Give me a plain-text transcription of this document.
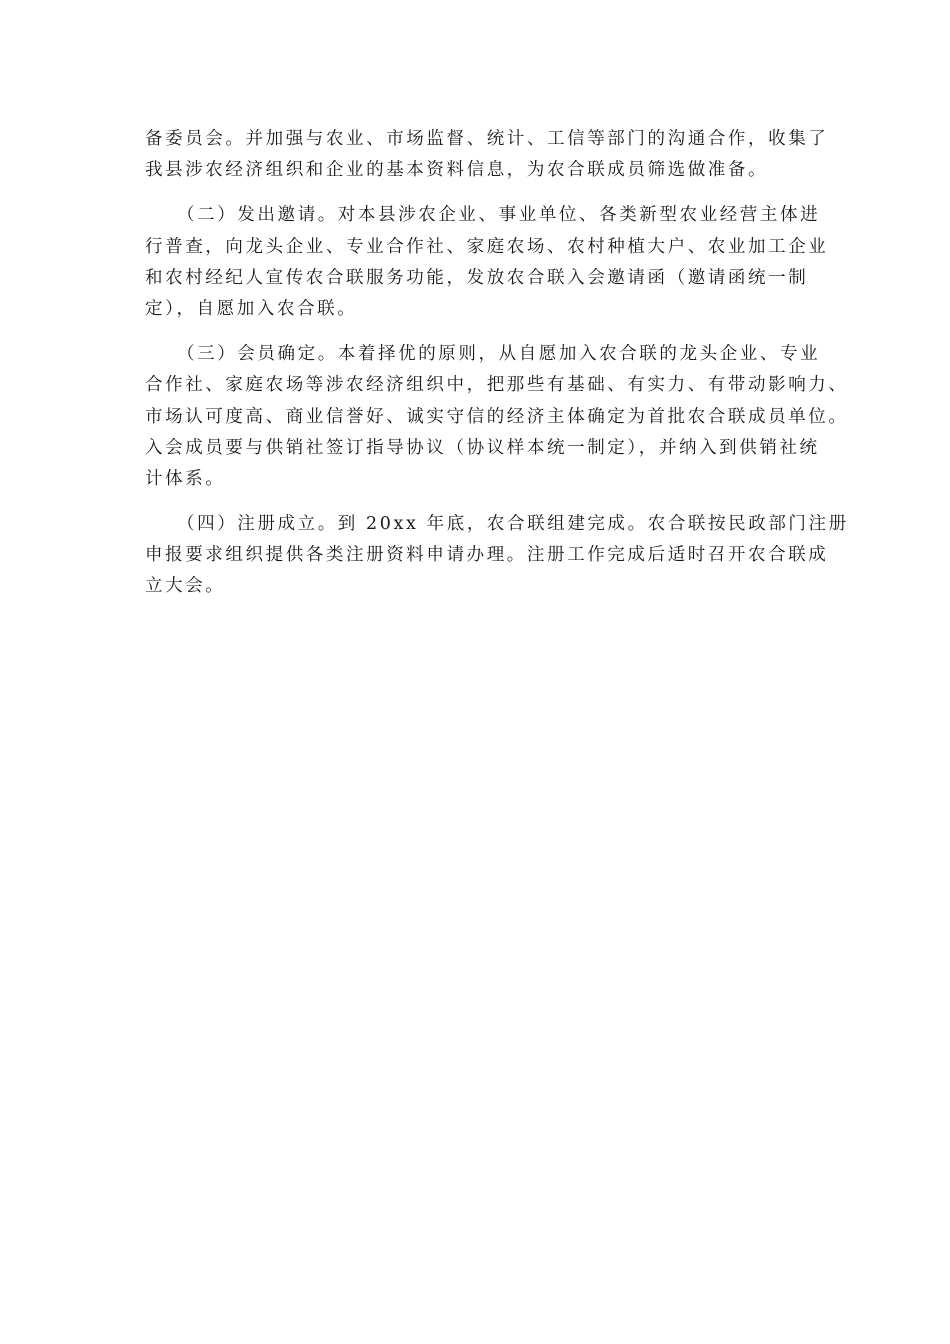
备委员会。并加强与农业、市场监督、统计、工信等部门的沟通合作，收集了
我县涉农经济组织和企业的基本资料信息，为农合联成员筛选做准备。
（二）发出邀请。对本县涉农企业、事业单位、各类新型农业经营主体进
行普查，向龙头企业、专业合作社、家庭农场、农村种植大户、农业加工企业
和农村经纪人宣传农合联服务功能，发放农合联入会邀请函（邀请函统一制
定），自愿加入农合联。
（三）会员确定。本着择优的原则，从自愿加入农合联的龙头企业、专业
合作社、家庭农场等涉农经济组织中，把那些有基础、有实力、有带动影响力、
市场认可度高、商业信誉好、诚实守信的经济主体确定为首批农合联成员单位。
入会成员要与供销社签订指导协议（协议样本统一制定），并纳入到供销社统
计体系。
（四）注册成立。到 20xx 年底，农合联组建完成。农合联按民政部门注册
申报要求组织提供各类注册资料申请办理。注册工作完成后适时召开农合联成
立大会。
